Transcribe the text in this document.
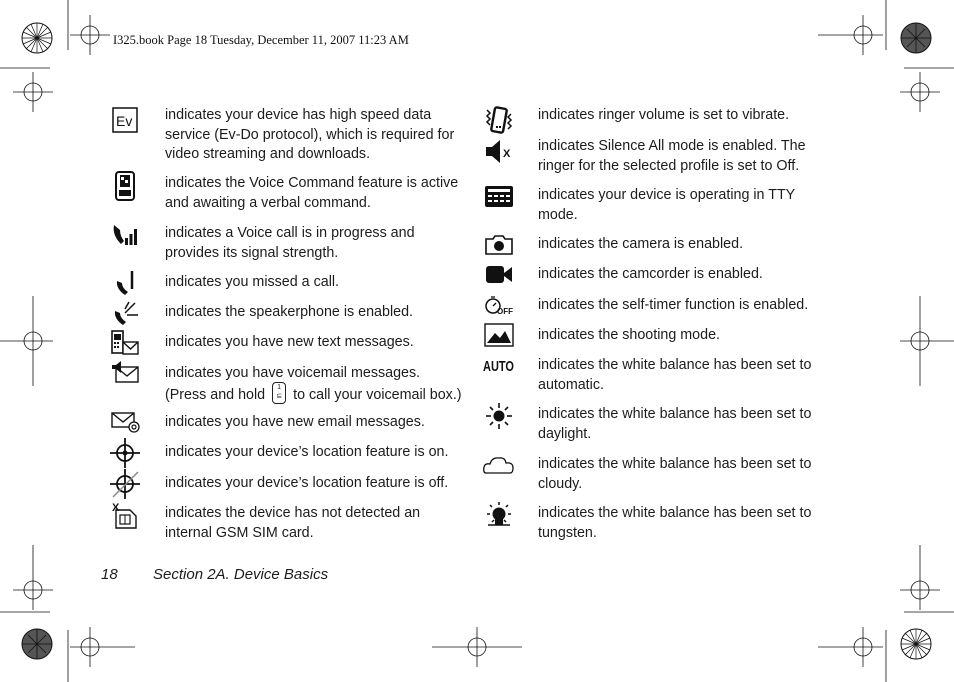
I325.book Page 18 Tuesday, December 11, 2007 11:23 AM
Ev indicates your device has high speed data service (Ev-Do protocol), which is required for video streaming and downloads.
indicates the Voice Command feature is active and awaiting a verbal command.
indicates a Voice call is in progress and provides its signal strength.
indicates you missed a call.
indicates the speakerphone is enabled.
indicates you have new text messages.
indicates you have voicemail messages. (Press and hold 1
⊆ to call your voicemail box.)
indicates you have new email messages.
indicates your device’s location feature is on.
indicates your device’s location feature is off.
X	indicates the device has not detected an internal GSM SIM card.
indicates ringer volume is set to vibrate.
X indicates Silence All mode is enabled. The ringer for the selected profile is set to Off.
indicates your device is operating in TTY mode.
indicates the camera is enabled.
indicates the camcorder is enabled.
OFF indicates the self-timer function is enabled.
indicates the shooting mode.
AUTO indicates the white balance has been set to automatic.
indicates the white balance has been set to daylight.
indicates the white balance has been set to cloudy.
indicates the white balance has been set to tungsten.
18 Section 2A. Device Basics
